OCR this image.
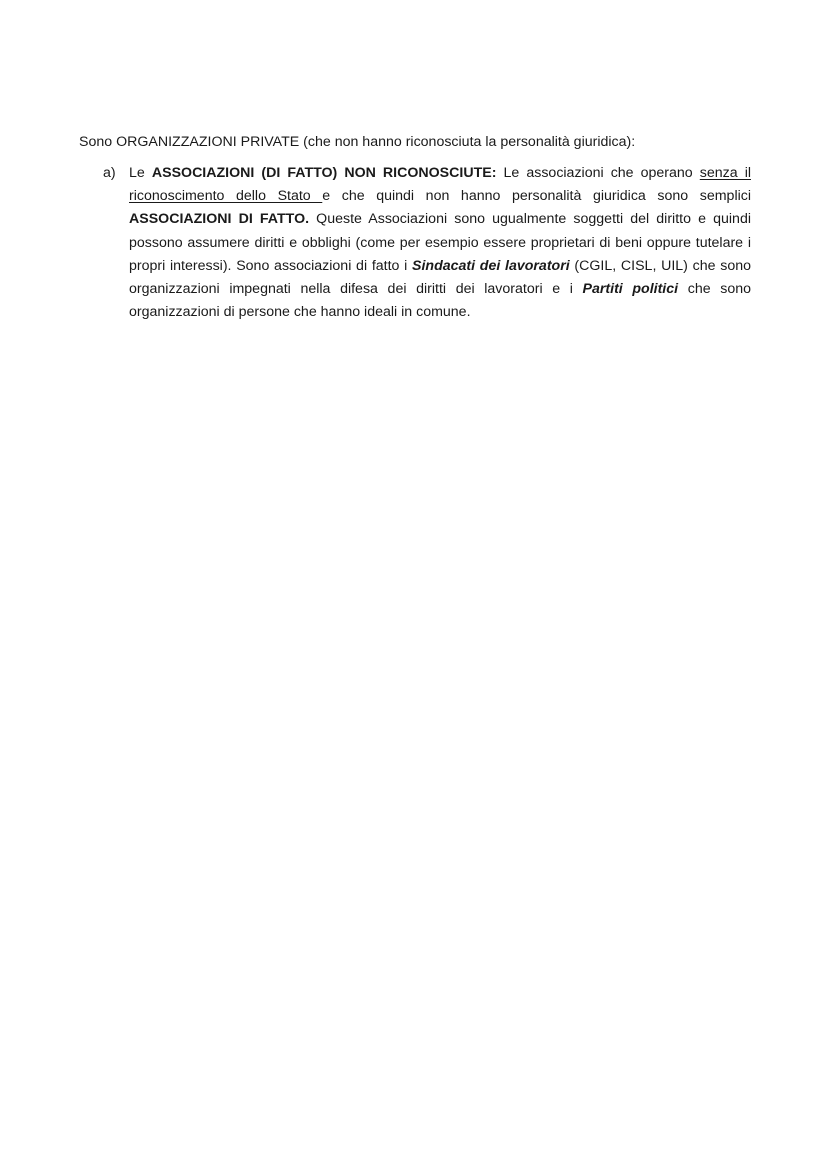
Sono ORGANIZZAZIONI PRIVATE (che non hanno riconosciuta la personalità giuridica):

a) Le ASSOCIAZIONI (DI FATTO) NON RICONOSCIUTE: Le associazioni che operano senza il riconoscimento dello Stato e che quindi non hanno personalità giuridica sono semplici ASSOCIAZIONI DI FATTO. Queste Associazioni sono ugualmente soggetti del diritto e quindi possono assumere diritti e obblighi (come per esempio essere proprietari di beni oppure tutelare i propri interessi). Sono associazioni di fatto i Sindacati dei lavoratori (CGIL, CISL, UIL) che sono organizzazioni impegnati nella difesa dei diritti dei lavoratori e i Partiti politici che sono organizzazioni di persone che hanno ideali in comune.
